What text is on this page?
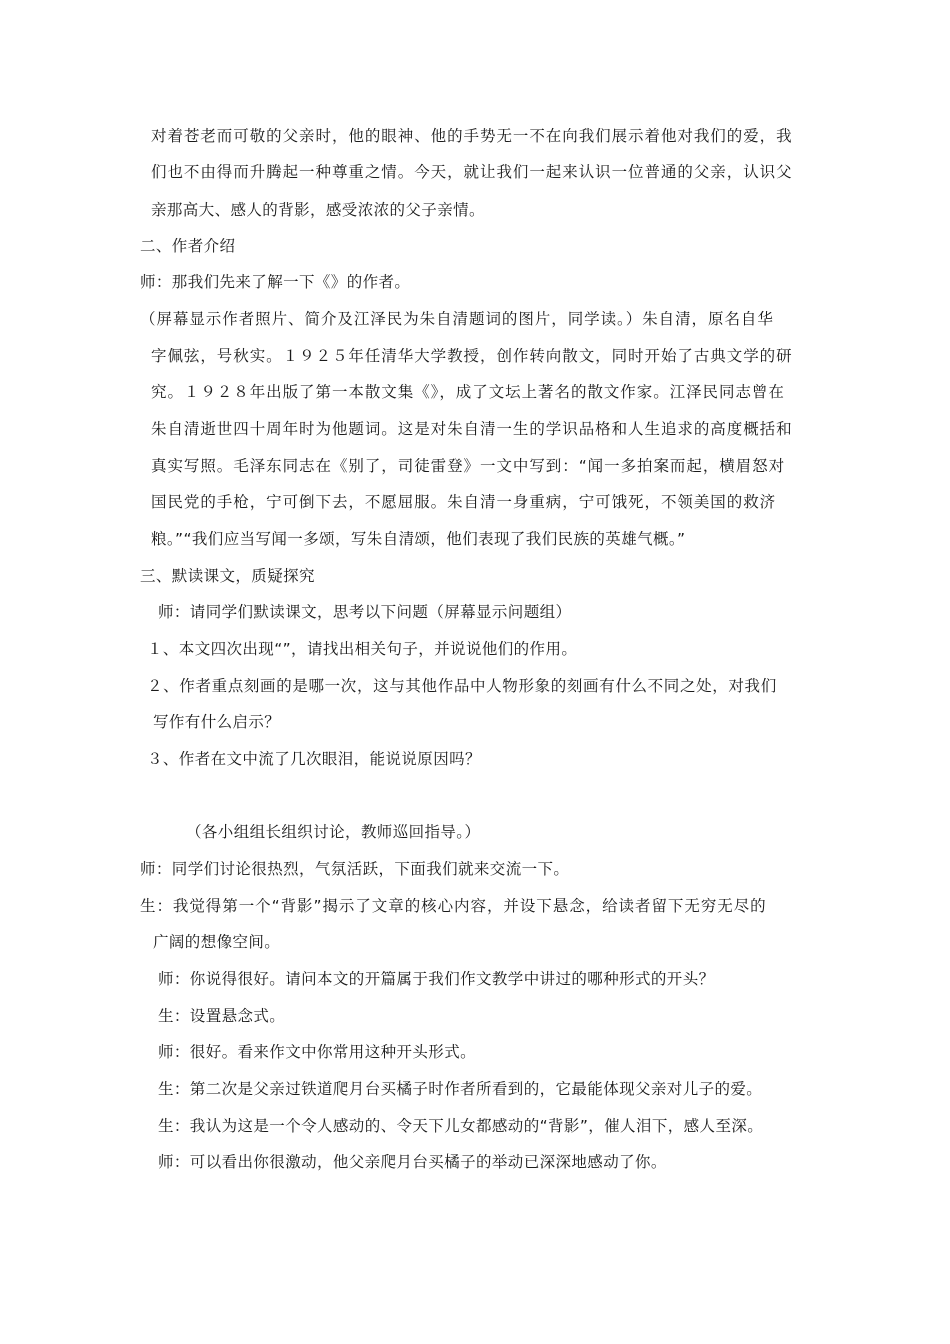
对着苍老而可敬的父亲时，他的眼神、他的手势无一不在向我们展示着他对我们的爱，我
们也不由得而升腾起一种尊重之情。今天，就让我们一起来认识一位普通的父亲，认识父
亲那高大、感人的背影，感受浓浓的父子亲情。
二、作者介绍
师：那我们先来了解一下《》的作者。
（屏幕显示作者照片、简介及江泽民为朱自清题词的图片，同学读。）朱自清，原名自华
字佩弦，号秋实。１９２５年任清华大学教授，创作转向散文，同时开始了古典文学的研
究。１９２８年出版了第一本散文集《》，成了文坛上著名的散文作家。江泽民同志曾在
朱自清逝世四十周年时为他题词。这是对朱自清一生的学识品格和人生追求的高度概括和
真实写照。毛泽东同志在《别了，司徒雷登》一文中写到：“闻一多拍案而起，横眉怒对
国民党的手枪，宁可倒下去，不愿屈服。朱自清一身重病，宁可饿死，不领美国的救济
粮。”“我们应当写闻一多颂，写朱自清颂，他们表现了我们民族的英雄气概。”
三、默读课文，质疑探究
师：请同学们默读课文，思考以下问题（屏幕显示问题组）
１、本文四次出现“”，请找出相关句子，并说说他们的作用。
２、作者重点刻画的是哪一次，这与其他作品中人物形象的刻画有什么不同之处，对我们
写作有什么启示？
３、作者在文中流了几次眼泪，能说说原因吗？
（各小组组长组织讨论，教师巡回指导。）
师：同学们讨论很热烈，气氛活跃，下面我们就来交流一下。
生：我觉得第一个“背影”揭示了文章的核心内容，并设下悬念，给读者留下无穷无尽的
广阔的想像空间。
师：你说得很好。请问本文的开篇属于我们作文教学中讲过的哪种形式的开头？
生：设置悬念式。
师：很好。看来作文中你常用这种开头形式。
生：第二次是父亲过铁道爬月台买橘子时作者所看到的，它最能体现父亲对儿子的爱。
生：我认为这是一个令人感动的、令天下儿女都感动的“背影”，催人泪下，感人至深。
师：可以看出你很激动，他父亲爬月台买橘子的举动已深深地感动了你。
